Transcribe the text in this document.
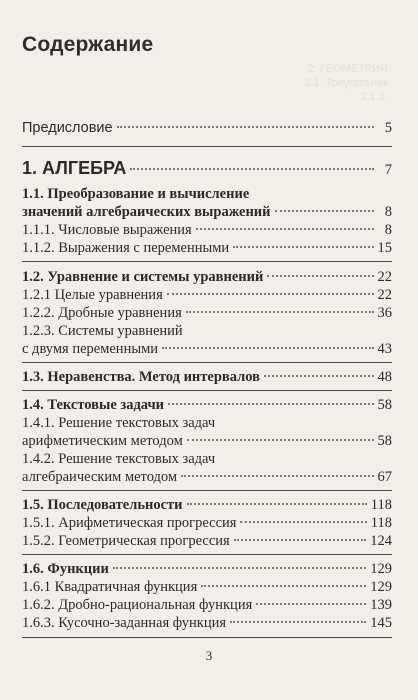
2. ГЕОМЕТРИЯ
2.1. Треугольник
2.1.1.
Содержание
Предисловие	5
1. АЛГЕБРА	7
1.1. Преобразование и вычисление
значений алгебраических выражений	8
1.1.1. Числовые выражения	8
1.1.2. Выражения с переменными	15
1.2. Уравнение и системы уравнений	22
1.2.1 Целые уравнения	22
1.2.2. Дробные уравнения	36
1.2.3. Системы уравнений
с двумя переменными	43
1.3. Неравенства. Метод интервалов	48
1.4. Текстовые задачи	58
1.4.1. Решение текстовых задач
арифметическим методом	58
1.4.2. Решение текстовых задач
алгебраическим методом	67
1.5. Последовательности	118
1.5.1. Арифметическая прогрессия	118
1.5.2. Геометрическая прогрессия	124
1.6. Функции	129
1.6.1 Квадратичная функция	129
1.6.2. Дробно-рациональная функция	139
1.6.3. Кусочно-заданная функция	145
3
